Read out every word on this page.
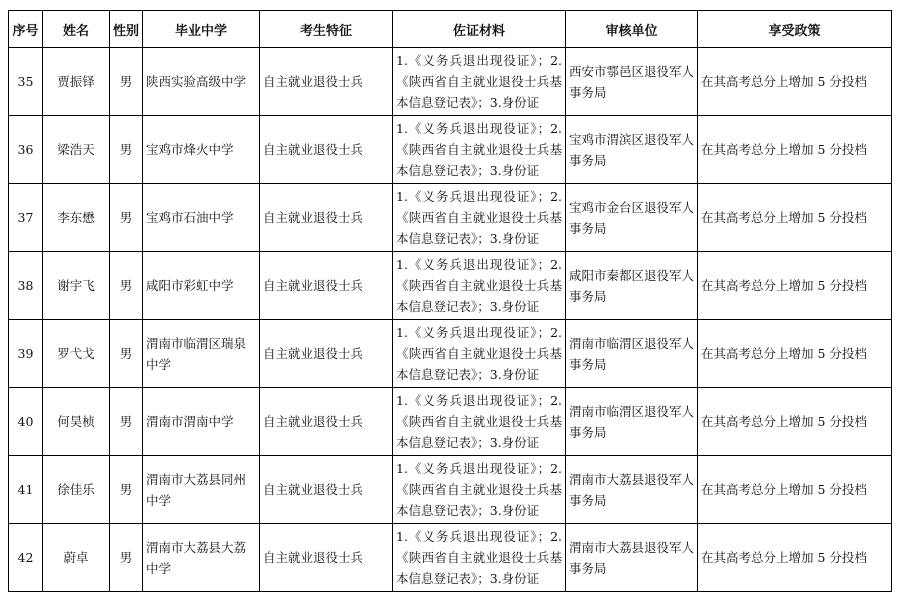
序号	姓名	性别	毕业中学	考生特征	佐证材料	审核单位	享受政策
35	贾振铎	男	陕西实验高级中学	自主就业退役士兵	1.《义务兵退出现役证》；2.《陕西省自主就业退役士兵基本信息登记表》；3.身份证	西安市鄠邑区退役军人事务局	在其高考总分上增加 5 分投档
36	梁浩天	男	宝鸡市烽火中学	自主就业退役士兵	1.《义务兵退出现役证》；2.《陕西省自主就业退役士兵基本信息登记表》；3.身份证	宝鸡市渭滨区退役军人事务局	在其高考总分上增加 5 分投档
37	李东懋	男	宝鸡市石油中学	自主就业退役士兵	1.《义务兵退出现役证》；2.《陕西省自主就业退役士兵基本信息登记表》；3.身份证	宝鸡市金台区退役军人事务局	在其高考总分上增加 5 分投档
38	谢宇飞	男	咸阳市彩虹中学	自主就业退役士兵	1.《义务兵退出现役证》；2.《陕西省自主就业退役士兵基本信息登记表》；3.身份证	咸阳市秦都区退役军人事务局	在其高考总分上增加 5 分投档
39	罗弋戈	男	渭南市临渭区瑞泉中学	自主就业退役士兵	1.《义务兵退出现役证》；2.《陕西省自主就业退役士兵基本信息登记表》；3.身份证	渭南市临渭区退役军人事务局	在其高考总分上增加 5 分投档
40	何昊桢	男	渭南市渭南中学	自主就业退役士兵	1.《义务兵退出现役证》；2.《陕西省自主就业退役士兵基本信息登记表》；3.身份证	渭南市临渭区退役军人事务局	在其高考总分上增加 5 分投档
41	徐佳乐	男	渭南市大荔县同州中学	自主就业退役士兵	1.《义务兵退出现役证》；2.《陕西省自主就业退役士兵基本信息登记表》；3.身份证	渭南市大荔县退役军人事务局	在其高考总分上增加 5 分投档
42	蔚卓	男	渭南市大荔县大荔中学	自主就业退役士兵	1.《义务兵退出现役证》；2.《陕西省自主就业退役士兵基本信息登记表》；3.身份证	渭南市大荔县退役军人事务局	在其高考总分上增加 5 分投档
